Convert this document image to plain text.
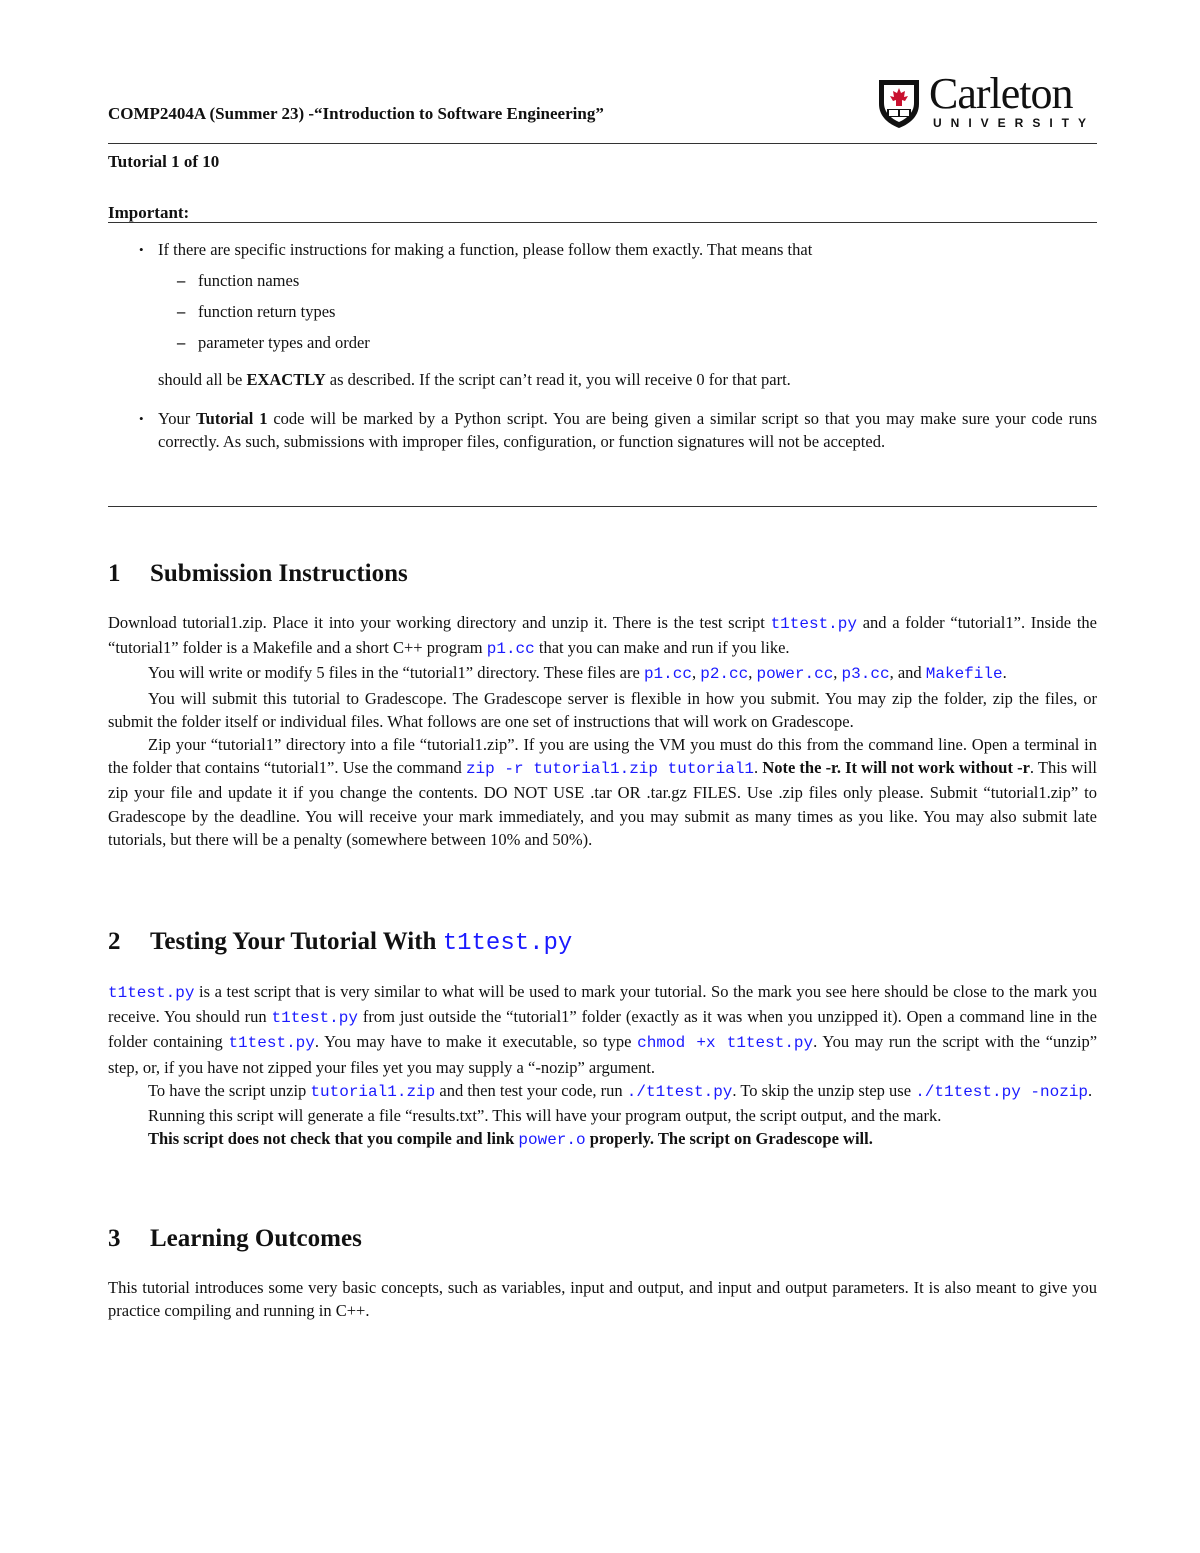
COMP2404A (Summer 23) -“Introduction to Software Engineering”	Carleton
UNIVERSITY
Tutorial 1 of 10
Important:
• If there are specific instructions for making a function, please follow them exactly. That means that
– function names
– function return types
– parameter types and order
should all be EXACTLY as described. If the script can’t read it, you will receive 0 for that part.
• Your Tutorial 1 code will be marked by a Python script. You are being given a similar script so that you may make sure your code runs correctly. As such, submissions with improper files, configuration, or function signatures will not be accepted.
1 Submission Instructions

Download tutorial1.zip. Place it into your working directory and unzip it. There is the test script t1test.py and a folder “tutorial1”. Inside the “tutorial1” folder is a Makefile and a short C++ program p1.cc that you can make and run if you like.

You will write or modify 5 files in the “tutorial1” directory. These files are p1.cc, p2.cc, power.cc, p3.cc, and Makefile.

You will submit this tutorial to Gradescope. The Gradescope server is flexible in how you submit. You may zip the folder, zip the files, or submit the folder itself or individual files. What follows are one set of instructions that will work on Gradescope.

Zip your “tutorial1” directory into a file “tutorial1.zip”. If you are using the VM you must do this from the command line. Open a terminal in the folder that contains “tutorial1”. Use the command zip -r tutorial1.zip tutorial1. Note the -r. It will not work without -r. This will zip your file and update it if you change the contents. DO NOT USE .tar OR .tar.gz FILES. Use .zip files only please. Submit “tutorial1.zip” to Gradescope by the deadline. You will receive your mark immediately, and you may submit as many times as you like. You may also submit late tutorials, but there will be a penalty (somewhere between 10% and 50%).

2 Testing Your Tutorial With t1test.py

t1test.py is a test script that is very similar to what will be used to mark your tutorial. So the mark you see here should be close to the mark you receive. You should run t1test.py from just outside the “tutorial1” folder (exactly as it was when you unzipped it). Open a command line in the folder containing t1test.py. You may have to make it executable, so type chmod +x t1test.py. You may run the script with the “unzip” step, or, if you have not zipped your files yet you may supply a “-nozip” argument.

To have the script unzip tutorial1.zip and then test your code, run ./t1test.py. To skip the unzip step use ./t1test.py -nozip.

Running this script will generate a file “results.txt”. This will have your program output, the script output, and the mark.

This script does not check that you compile and link power.o properly. The script on Gradescope will.

3 Learning Outcomes

This tutorial introduces some very basic concepts, such as variables, input and output, and input and output parameters. It is also meant to give you practice compiling and running in C++.
